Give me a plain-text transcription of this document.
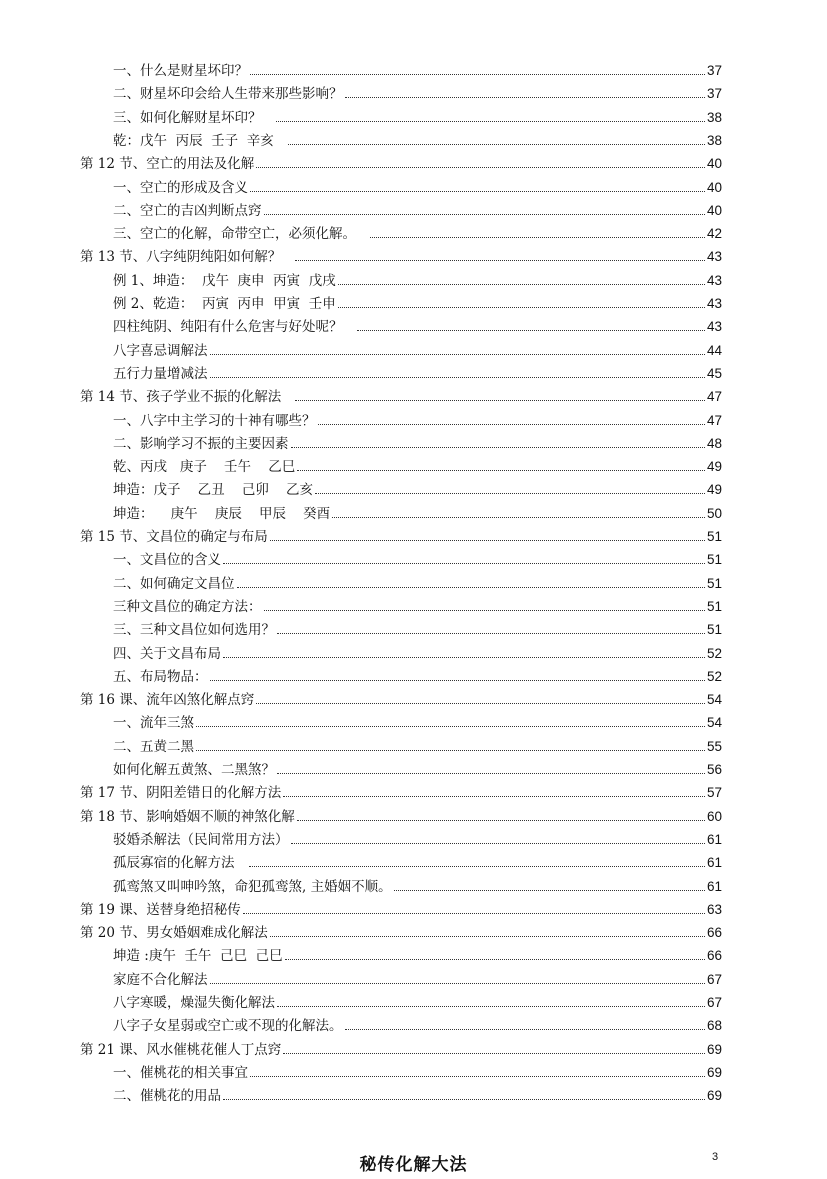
一、什么是财星坏印？	37
二、财星坏印会给人生带来那些影响？	37
三、如何化解财星坏印？	38
乾：戊午  丙辰  壬子  辛亥	38
第 12 节、空亡的用法及化解	40
一、空亡的形成及含义	40
二、空亡的吉凶判断点窍	40
三、空亡的化解，命带空亡，必须化解。	42
第 13 节、八字纯阴纯阳如何解？	43
例 1、坤造：  戊午  庚申  丙寅  戊戌	43
例 2、乾造：  丙寅  丙申  甲寅  壬申	43
四柱纯阴、纯阳有什么危害与好处呢？	43
八字喜忌调解法	44
五行力量增减法	45
第 14 节、孩子学业不振的化解法	47
一、八字中主学习的十神有哪些？	47
二、影响学习不振的主要因素	48
乾、丙戌   庚子    壬午    乙巳	49
坤造：戊子    乙丑    己卯    乙亥	49
坤造：    庚午    庚辰    甲辰    癸酉	50
第 15 节、文昌位的确定与布局	51
一、文昌位的含义	51
二、如何确定文昌位	51
三种文昌位的确定方法：	51
三、三种文昌位如何选用？	51
四、关于文昌布局	52
五、布局物品：	52
第 16 课、流年凶煞化解点窍	54
一、流年三煞	54
二、五黄二黑	55
如何化解五黄煞、二黑煞？	56
第 17 节、阴阳差错日的化解方法	57
第 18 节、影响婚姻不顺的神煞化解	60
驳婚杀解法（民间常用方法）	61
孤辰寡宿的化解方法	61
孤鸾煞又叫呻吟煞，命犯孤鸾煞, 主婚姻不顺。	61
第 19 课、送替身绝招秘传	63
第 20 节、男女婚姻难成化解法	66
坤造 :庚午  壬午  己巳  己巳	66
家庭不合化解法	67
八字寒暖，燥湿失衡化解法	67
八字子女星弱或空亡或不现的化解法。	68
第 21 课、风水催桃花催人丁点窍	69
一、催桃花的相关事宜	69
二、催桃花的用品	69
秘传化解大法	3
